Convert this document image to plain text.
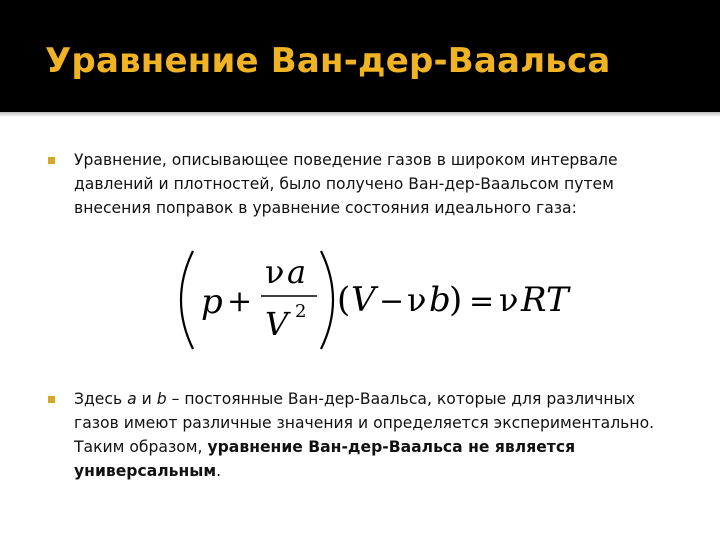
Уравнение Ван-дер-Ваальса
Уравнение, описывающее поведение газов в широком интервале
давлений и плотностей, было получено Ван-дер-Ваальсом путем
внесения поправок в уравнение состояния идеального газа:
p +
ν a
V 2 ( V − ν b
) = ν RT
Здесь a и b – постоянные Ван-дер-Ваальса, которые для различных
газов имеют различные значения и определяется экспериментально.
Таким образом, уравнение Ван-дер-Ваальса не является
универсальным.
